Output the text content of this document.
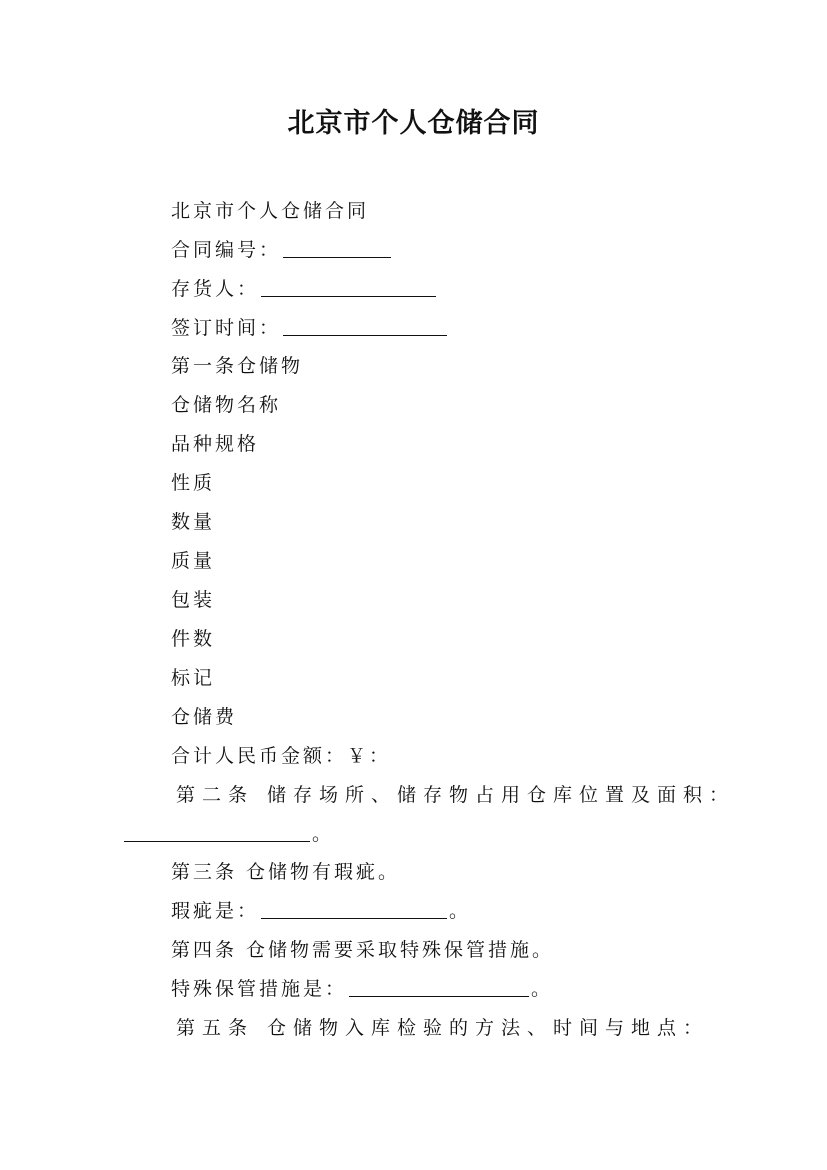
北京市个人仓储合同
北京市个人仓储合同
合同编号：
存货人：
签订时间：
第一条仓储物
仓储物名称
品种规格
性质
数量
质量
包装
件数
标记
仓储费
合计人民币金额：￥：
第二条 储存场所、储存物占用仓库位置及面积：
。
第三条 仓储物有瑕疵。
瑕疵是：	。
第四条 仓储物需要采取特殊保管措施。
特殊保管措施是：	。
第五条 仓储物入库检验的方法、时间与地点：
